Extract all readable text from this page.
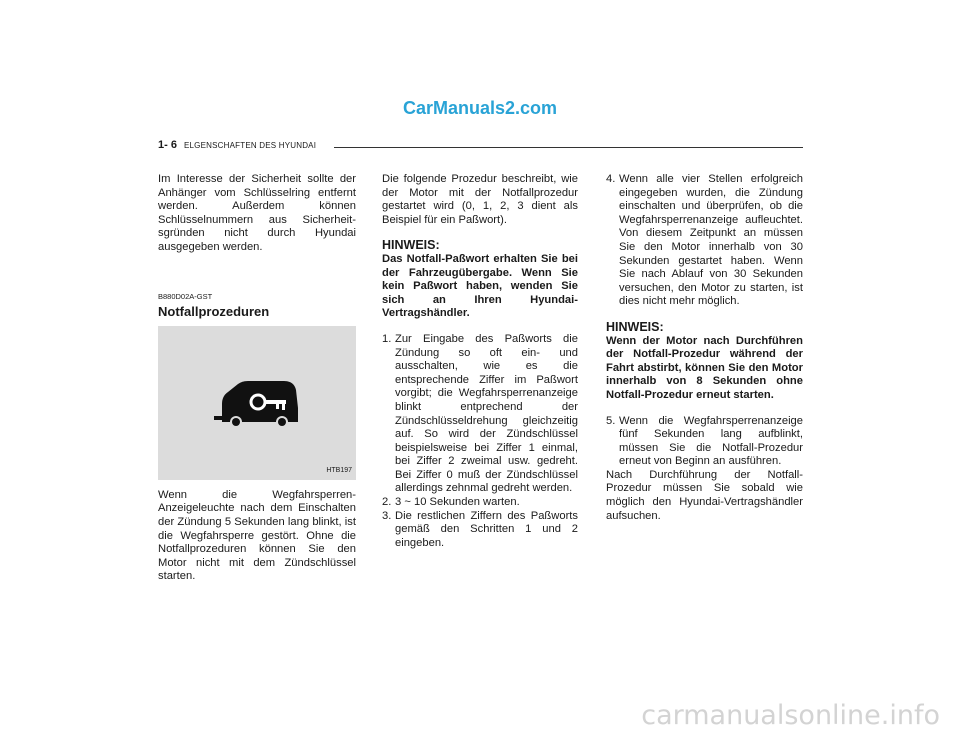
CarManuals2.com
1- 6 ELGENSCHAFTEN DES HYUNDAI

Im Interesse der Sicherheit sollte der Anhänger vom Schlüsselring entfernt werden. Außerdem können Schlüsselnummern aus Sicherheit-sgründen nicht durch Hyundai ausgegeben werden.

B880D02A-GST
Notfallprozeduren
HTB197

Wenn die Wegfahrsperren-Anzeigeleuchte nach dem Einschalten der Zündung 5 Sekunden lang blinkt, ist die Wegfahrsperre gestört. Ohne die Notfallprozeduren können Sie den Motor nicht mit dem Zündschlüssel starten.

Die folgende Prozedur beschreibt, wie der Motor mit der Notfallprozedur gestartet wird (0, 1, 2, 3 dient als Beispiel für ein Paßwort).

HINWEIS:

Das Notfall-Paßwort erhalten Sie bei der Fahrzeugübergabe. Wenn Sie kein Paßwort haben, wenden Sie sich an Ihren Hyundai-Vertragshändler.

1. Zur Eingabe des Paßworts die Zündung so oft ein- und ausschalten, wie es die entsprechende Ziffer im Paßwort vorgibt; die Wegfahrsperrenanzeige blinkt entprechend der Zündschlüsseldrehung gleichzeitig auf. So wird der Zündschlüssel beispielsweise bei Ziffer 1 einmal, bei Ziffer 2 zweimal usw. gedreht. Bei Ziffer 0 muß der Zündschlüssel allerdings zehnmal gedreht werden.
2. 3 ~ 10 Sekunden warten.
3. Die restlichen Ziffern des Paßworts gemäß den Schritten 1 und 2 eingeben.
4. Wenn alle vier Stellen erfolgreich eingegeben wurden, die Zündung einschalten und überprüfen, ob die Wegfahrsperrenanzeige aufleuchtet. Von diesem Zeitpunkt an müssen Sie den Motor innerhalb von 30 Sekunden gestartet haben. Wenn Sie nach Ablauf von 30 Sekunden versuchen, den Motor zu starten, ist dies nicht mehr möglich.
HINWEIS:

Wenn der Motor nach Durchführen der Notfall-Prozedur während der Fahrt abstirbt, können Sie den Motor innerhalb von 8 Sekunden ohne Notfall-Prozedur erneut starten.

5. Wenn die Wegfahrsperrenanzeige fünf Sekunden lang aufblinkt, müssen Sie die Notfall-Prozedur erneut von Beginn an ausführen.

Nach Durchführung der Notfall-Prozedur müssen Sie sobald wie möglich den Hyundai-Vertragshändler aufsuchen.

carmanualsonline.info
